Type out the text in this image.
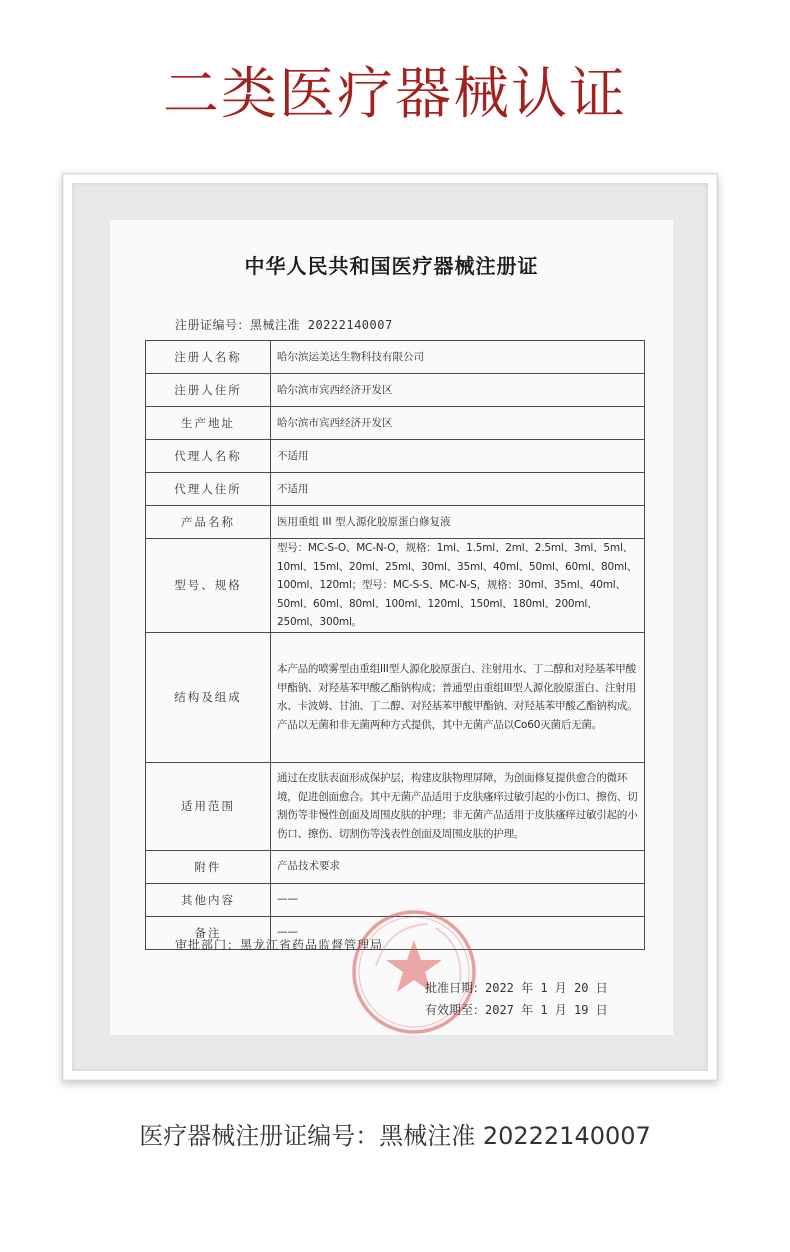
二类医疗器械认证
中华人民共和国医疗器械注册证
注册证编号：黑械注准 20222140007
注册人名称	哈尔滨运美达生物科技有限公司
注册人住所	哈尔滨市宾西经济开发区
生产地址	哈尔滨市宾西经济开发区
代理人名称	不适用
代理人住所	不适用
产品名称	医用重组 III 型人源化胶原蛋白修复液
型号、规格	型号：MC-S-O、MC-N-O，规格：1ml、1.5ml、2ml、2.5ml、3ml、5ml、10ml、15ml、20ml、25ml、30ml、35ml、40ml、50ml、60ml、80ml、100ml、120ml；型号：MC-S-S、MC-N-S，规格：30ml、35ml、40ml、50ml、60ml、80ml、100ml、120ml、150ml、180ml、200ml、250ml、300ml。
结构及组成	本产品的喷雾型由重组III型人源化胶原蛋白、注射用水、丁二醇和对羟基苯甲酸甲酯钠、对羟基苯甲酸乙酯钠构成；普通型由重组III型人源化胶原蛋白、注射用水、卡波姆、甘油、丁二醇、对羟基苯甲酸甲酯钠、对羟基苯甲酸乙酯钠构成。产品以无菌和非无菌两种方式提供，其中无菌产品以Co60灭菌后无菌。
适用范围	通过在皮肤表面形成保护层，构建皮肤物理屏障，为创面修复提供愈合的微环境，促进创面愈合。其中无菌产品适用于皮肤瘙痒过敏引起的小伤口、擦伤、切割伤等非慢性创面及周围皮肤的护理；非无菌产品适用于皮肤瘙痒过敏引起的小伤口、擦伤、切割伤等浅表性创面及周围皮肤的护理。
附件	产品技术要求
其他内容	——
备注	——
审批部门：黑龙江省药品监督管理局
批准日期：2022 年 1 月 20 日
有效期至：2027 年 1 月 19 日
医疗器械注册证编号：黑械注准 20222140007
